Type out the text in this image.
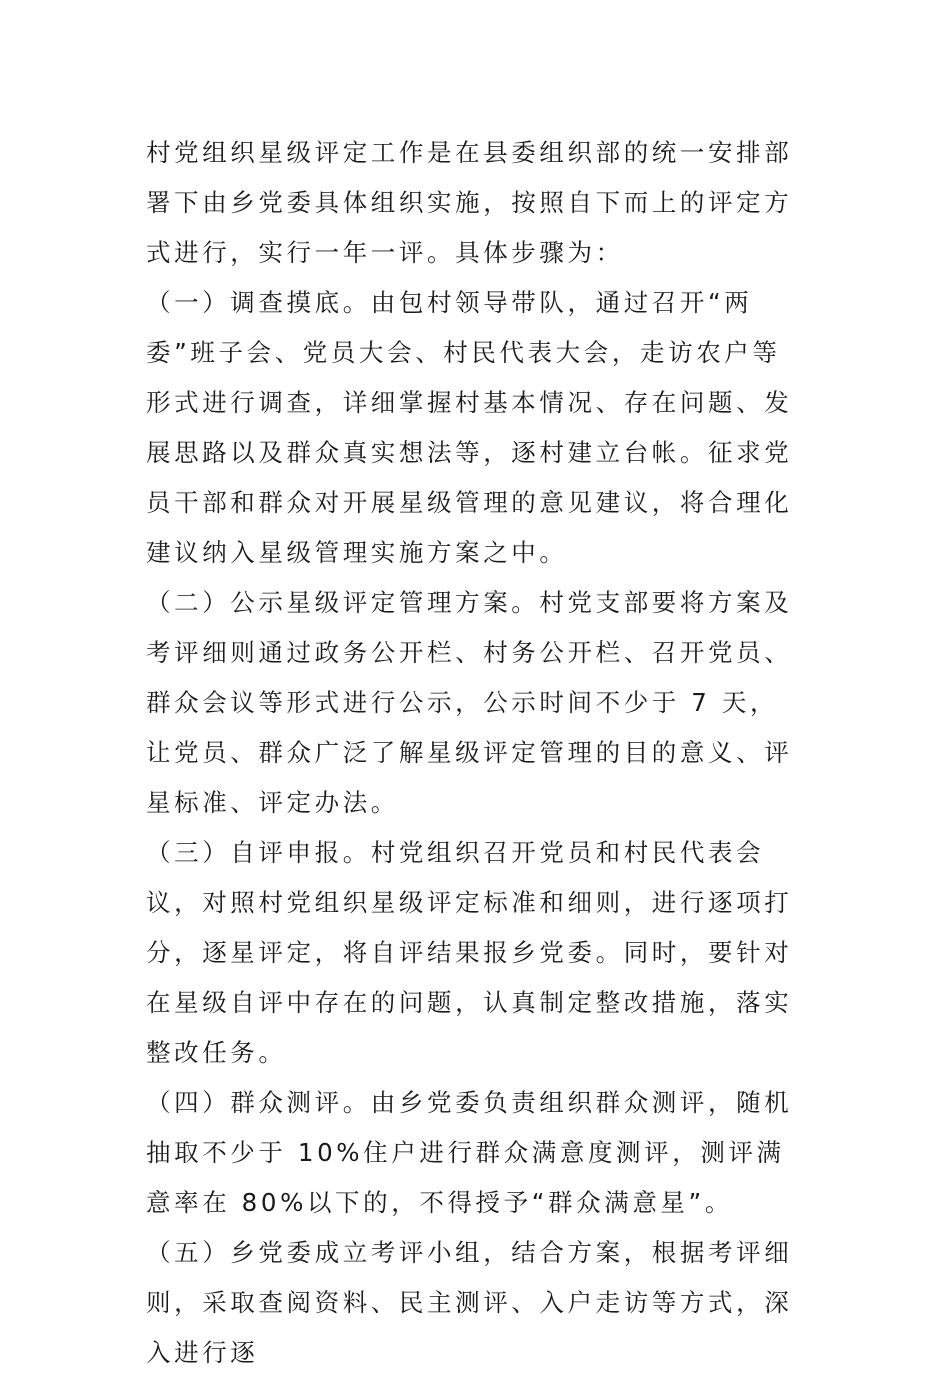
村党组织星级评定工作是在县委组织部的统一安排部署下由乡党委具体组织实施，按照自下而上的评定方式进行，实行一年一评。具体步骤为：

（一）调查摸底。由包村领导带队，通过召开“两委”班子会、党员大会、村民代表大会，走访农户等形式进行调查，详细掌握村基本情况、存在问题、发展思路以及群众真实想法等，逐村建立台帐。征求党员干部和群众对开展星级管理的意见建议，将合理化建议纳入星级管理实施方案之中。

（二）公示星级评定管理方案。村党支部要将方案及考评细则通过政务公开栏、村务公开栏、召开党员、群众会议等形式进行公示，公示时间不少于 7 天，让党员、群众广泛了解星级评定管理的目的意义、评星标准、评定办法。

（三）自评申报。村党组织召开党员和村民代表会议，对照村党组织星级评定标准和细则，进行逐项打分，逐星评定，将自评结果报乡党委。同时，要针对在星级自评中存在的问题，认真制定整改措施，落实整改任务。

（四）群众测评。由乡党委负责组织群众测评，随机抽取不少于 10%住户进行群众满意度测评，测评满意率在 80%以下的，不得授予“群众满意星”。

（五）乡党委成立考评小组，结合方案，根据考评细则，采取查阅资料、民主测评、入户走访等方式，深入进行逐
